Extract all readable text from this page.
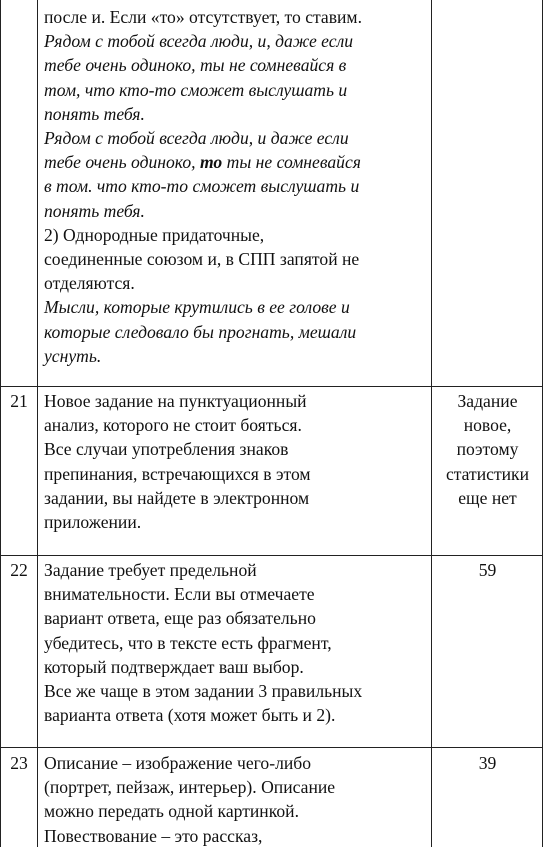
после и. Если «то» отсутствует, то ставим.

Рядом с тобой всегда люди, и, даже если

тебе очень одиноко, ты не сомневайся в

том, что кто-то сможет выслушать и

понять тебя.

Рядом с тобой всегда люди, и даже если

тебе очень одиноко, то ты не сомневайся

в том. что кто-то сможет выслушать и

понять тебя.

2) Однородные придаточные,

соединенные союзом и, в СПП запятой не

отделяются.

Мысли, которые крутились в ее голове и

которые следовало бы прогнать, мешали

уснуть.

21 Новое задание на пунктуационный

анализ, которого не стоит бояться.

Все случаи употребления знаков

препинания, встречающихся в этом

задании, вы найдете в электронном

приложении.

Задание

новое,

поэтому

статистики

еще нет

22 Задание требует предельной

внимательности. Если вы отмечаете

вариант ответа, еще раз обязательно

убедитесь, что в тексте есть фрагмент,

который подтверждает ваш выбор.

Все же чаще в этом задании 3 правильных

варианта ответа (хотя может быть и 2).

59

23 Описание – изображение чего-либо

(портрет, пейзаж, интерьер). Описание

можно передать одной картинкой.

Повествование – это рассказ,

39
